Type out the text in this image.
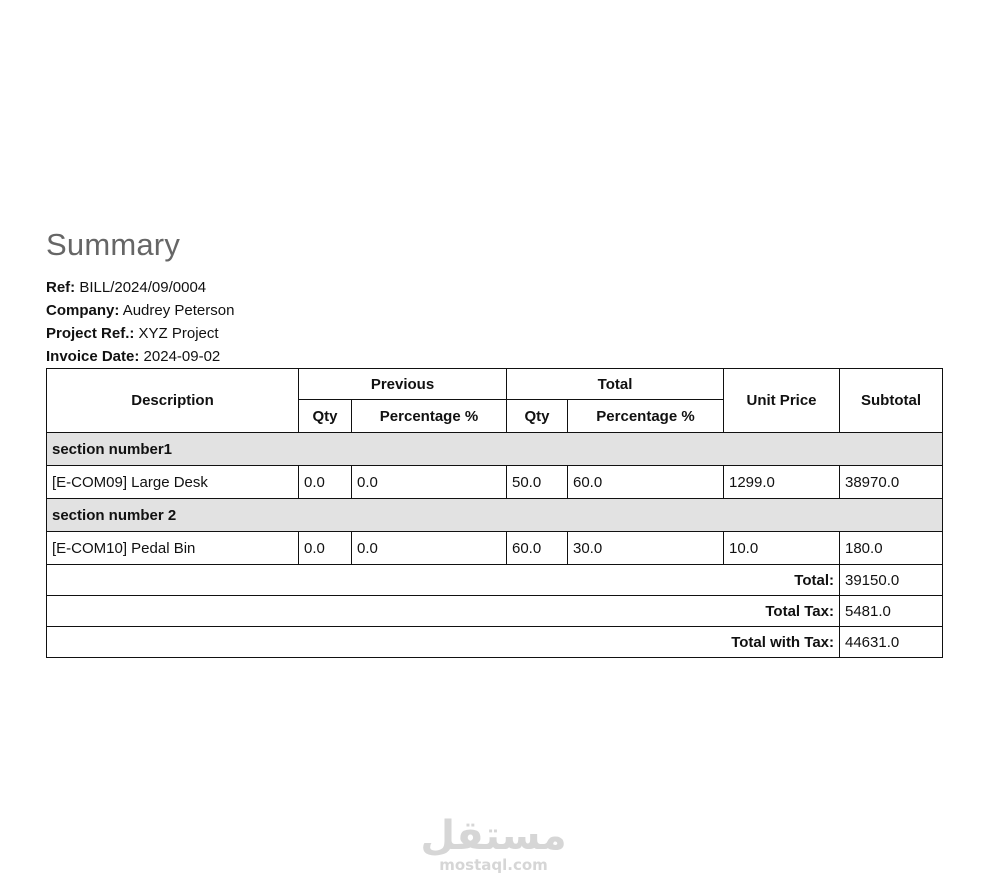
Summary
Ref: BILL/2024/09/0004
Company: Audrey Peterson
Project Ref.: XYZ Project
Invoice Date: 2024-09-02
Description	Previous		Total		Unit Price	Subtotal
	Qty	Percentage %	Qty	Percentage %		
section number1						
[E-COM09] Large Desk	0.0	0.0	50.0	60.0	1299.0	38970.0
section number 2						
[E-COM10] Pedal Bin	0.0	0.0	60.0	30.0	10.0	180.0
Total:						39150.0
Total Tax:						5481.0
Total with Tax:						44631.0
مستقل
mostaql.com
